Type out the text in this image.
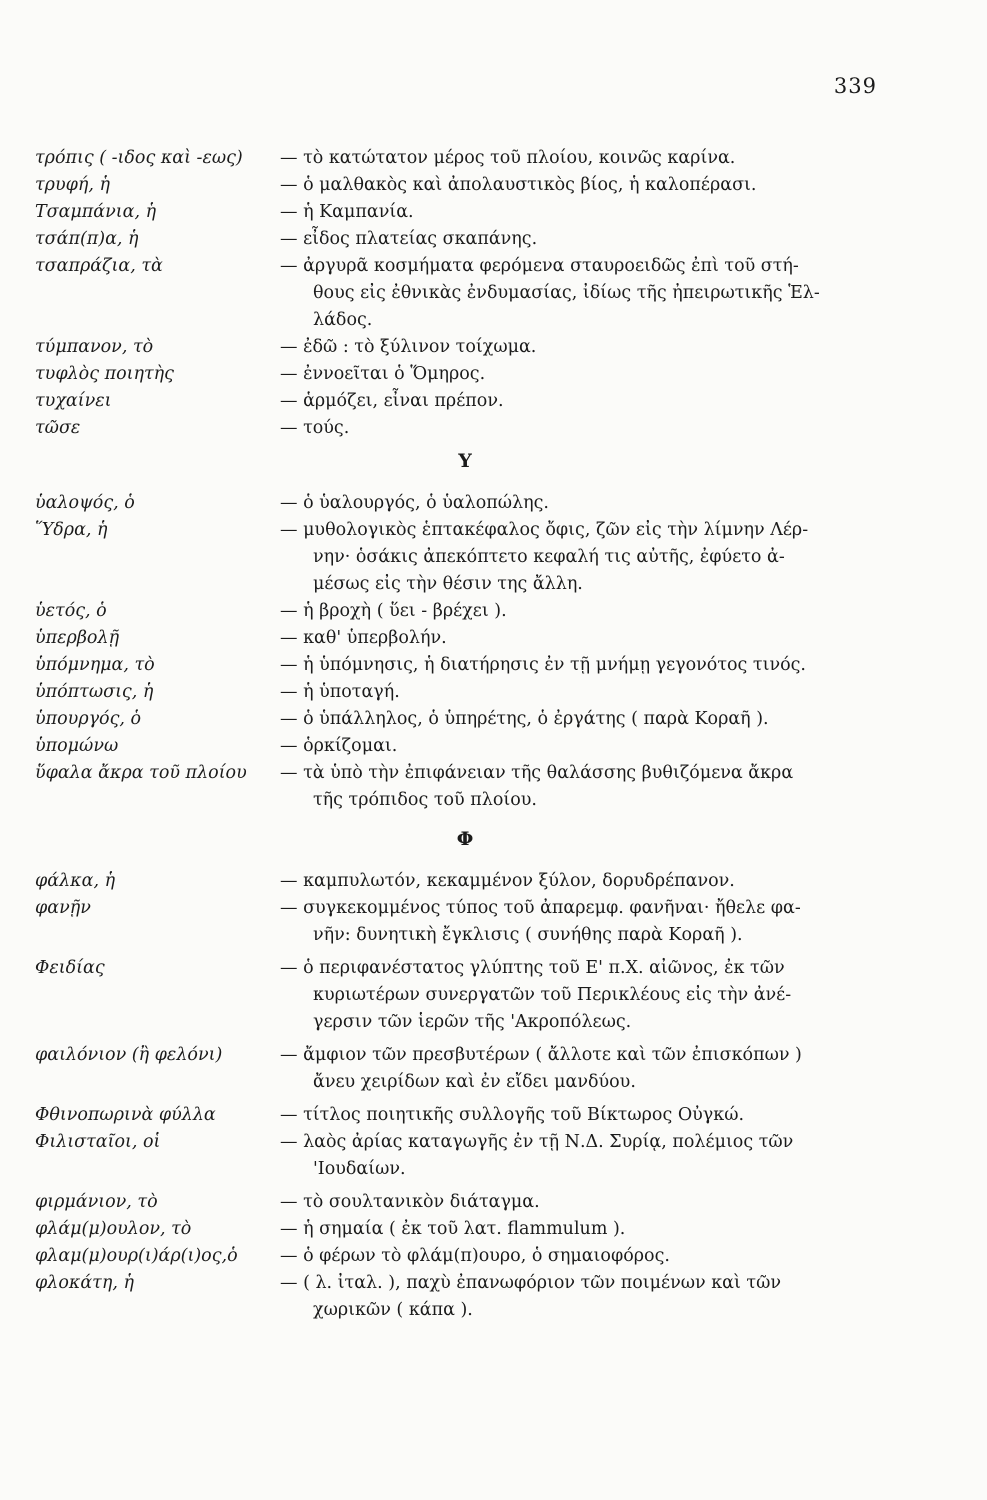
339
τρόπις ( -ιδος καὶ -εως)	— τὸ κατώτατον μέρος τοῦ πλοίου, κοινῶς καρίνα.

τρυφή, ἡ	— ὁ μαλθακὸς καὶ ἀπολαυστικὸς βίος, ἡ καλοπέρασι.

Τσαμπάνια, ἡ	— ἡ Καμπανία.

τσάπ(π)α, ἡ	— εἶδος πλατείας σκαπάνης.

τσαπράζια, τὰ	— ἀργυρᾶ κοσμήματα φερόμενα σταυροειδῶς ἐπὶ τοῦ στή-

θους εἰς ἐθνικὰς ἐνδυμασίας, ἰδίως τῆς ἠπειρωτικῆς Ἑλ-

λάδος.

τύμπανον, τὸ	— ἐδῶ : τὸ ξύλινον τοίχωμα.

τυφλὸς ποιητὴς	— ἐννοεῖται ὁ Ὅμηρος.

τυχαίνει	— ἁρμόζει, εἶναι πρέπον.

τῶσε	— τούς.

Υ
ὑαλοψός, ὁ	— ὁ ὑαλουργός, ὁ ὑαλοπώλης.

Ὕδρα, ἡ	— μυθολογικὸς ἑπτακέφαλος ὄφις, ζῶν εἰς τὴν λίμνην Λέρ-

νην· ὁσάκις ἀπεκόπτετο κεφαλή τις αὐτῆς, ἐφύετο ἀ-

μέσως εἰς τὴν θέσιν της ἄλλη.

ὑετός, ὁ	— ἡ βροχὴ ( ὕει - βρέχει ).

ὑπερβολῇ	— καθ' ὑπερβολήν.

ὑπόμνημα, τὸ	— ἡ ὑπόμνησις, ἡ διατήρησις ἐν τῇ μνήμῃ γεγονότος τινός.

ὑπόπτωσις, ἡ	— ἡ ὑποταγή.

ὑπουργός, ὁ	— ὁ ὑπάλληλος, ὁ ὑπηρέτης, ὁ ἐργάτης ( παρὰ Κοραῆ ).

ὑπομώνω	— ὁρκίζομαι.

ὕφαλα ἄκρα τοῦ πλοίου	— τὰ ὑπὸ τὴν ἐπιφάνειαν τῆς θαλάσσης βυθιζόμενα ἄκρα

τῆς τρόπιδος τοῦ πλοίου.

Φ
φάλκα, ἡ	— καμπυλωτόν, κεκαμμένον ξύλον, δορυδρέπανον.

φανῇν	— συγκεκομμένος τύπος τοῦ ἀπαρεμφ. φανῆναι· ἤθελε φα-

νῆν: δυνητικὴ ἔγκλισις ( συνήθης παρὰ Κοραῆ ).

Φειδίας	— ὁ περιφανέστατος γλύπτης τοῦ Ε' π.Χ. αἰῶνος, ἐκ τῶν

κυριωτέρων συνεργατῶν τοῦ Περικλέους εἰς τὴν ἀνέ-

γερσιν τῶν ἱερῶν τῆς 'Ακροπόλεως.

φαιλόνιον (ἢ φελόνι)	— ἄμφιον τῶν πρεσβυτέρων ( ἄλλοτε καὶ τῶν ἐπισκόπων )

ἄνευ χειρίδων καὶ ἐν εἴδει μανδύου.

Φθινοπωρινὰ φύλλα	— τίτλος ποιητικῆς συλλογῆς τοῦ Βίκτωρος Οὐγκώ.

Φιλισταῖοι, οἱ	— λαὸς ἀρίας καταγωγῆς ἐν τῇ Ν.Δ. Συρίᾳ, πολέμιος τῶν

'Ιουδαίων.

φιρμάνιον, τὸ	— τὸ σουλτανικὸν διάταγμα.

φλάμ(μ)ουλον, τὸ	— ἡ σημαία ( ἐκ τοῦ λατ. flammulum ).

φλαμ(μ)ουρ(ι)άρ(ι)ος,ὁ	— ὁ φέρων τὸ φλάμ(π)ουρο, ὁ σημαιοφόρος.

φλοκάτη, ἡ	— ( λ. ἰταλ. ), παχὺ ἐπανωφόριον τῶν ποιμένων καὶ τῶν

χωρικῶν ( κάπα ).
